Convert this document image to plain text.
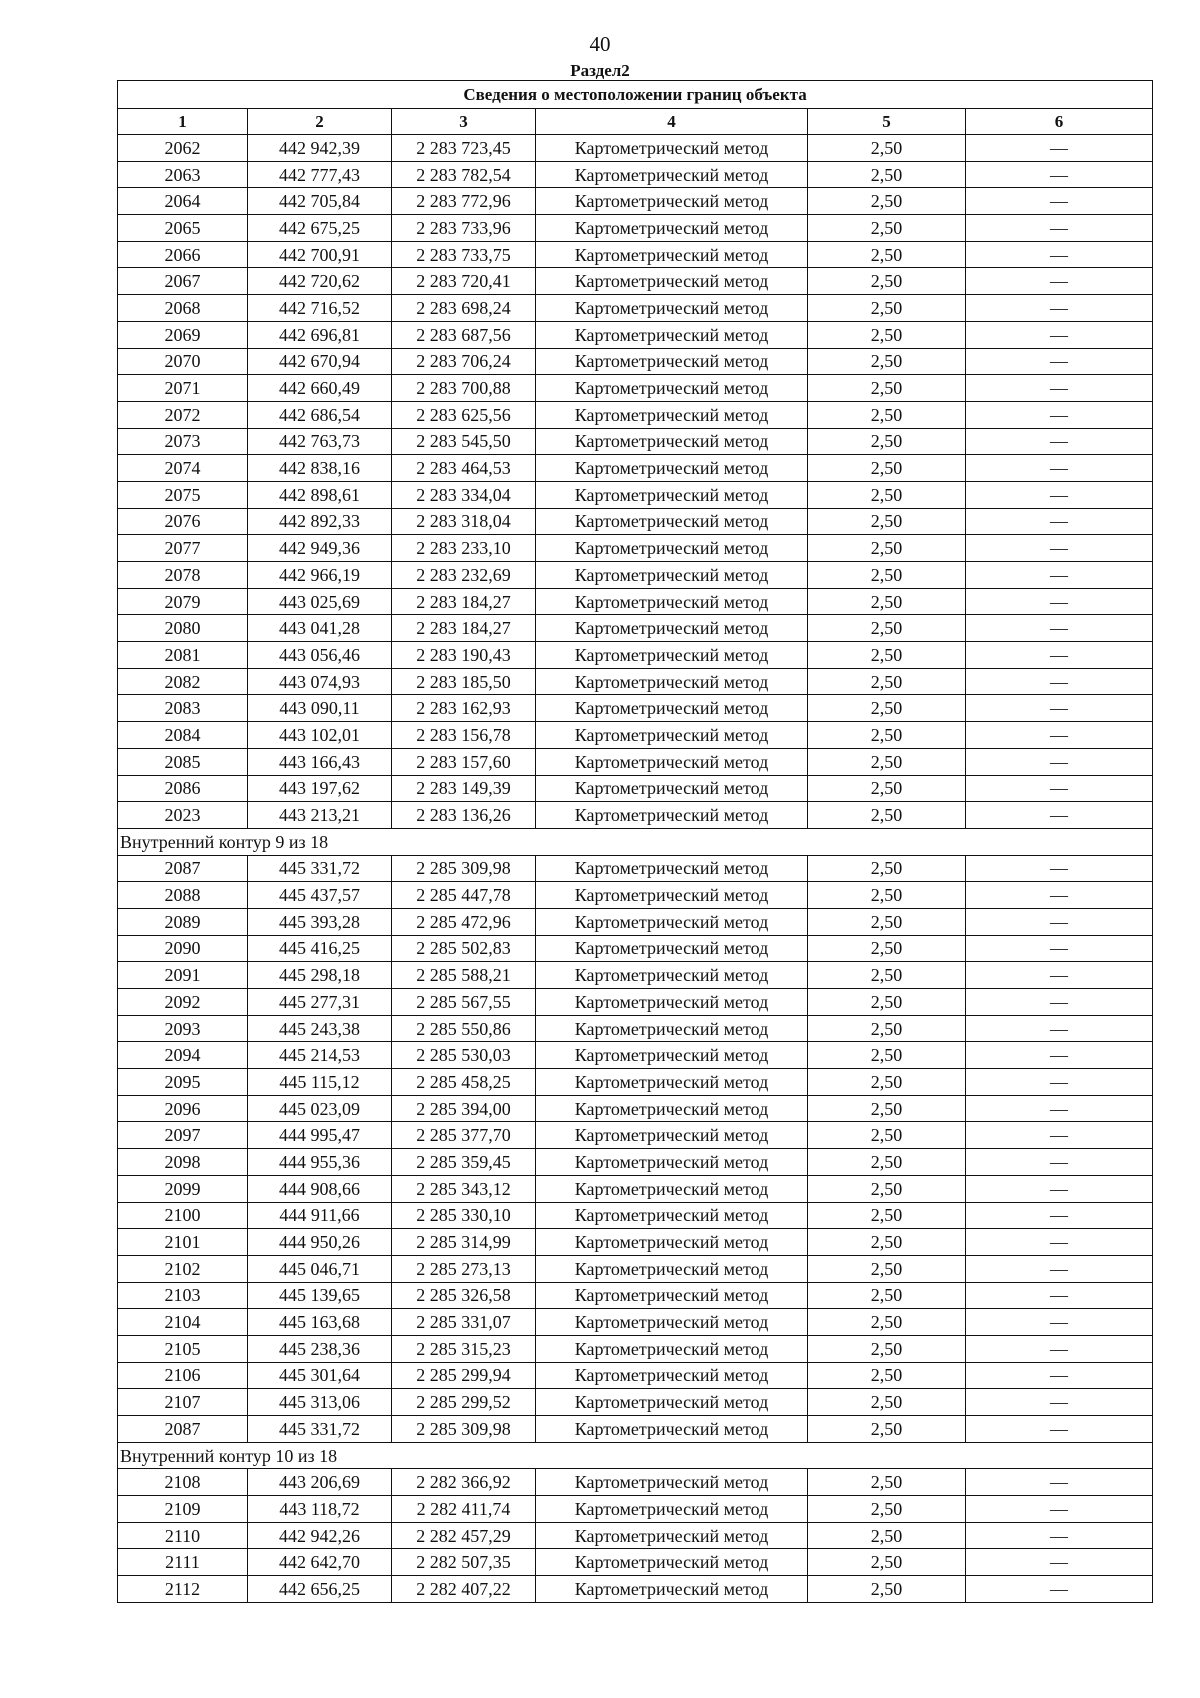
40
Раздел2
Сведения о местоположении границ объекта					
1	2	3	4	5	6
2062	442 942,39	2 283 723,45	Картометрический метод	2,50	—
2063	442 777,43	2 283 782,54	Картометрический метод	2,50	—
2064	442 705,84	2 283 772,96	Картометрический метод	2,50	—
2065	442 675,25	2 283 733,96	Картометрический метод	2,50	—
2066	442 700,91	2 283 733,75	Картометрический метод	2,50	—
2067	442 720,62	2 283 720,41	Картометрический метод	2,50	—
2068	442 716,52	2 283 698,24	Картометрический метод	2,50	—
2069	442 696,81	2 283 687,56	Картометрический метод	2,50	—
2070	442 670,94	2 283 706,24	Картометрический метод	2,50	—
2071	442 660,49	2 283 700,88	Картометрический метод	2,50	—
2072	442 686,54	2 283 625,56	Картометрический метод	2,50	—
2073	442 763,73	2 283 545,50	Картометрический метод	2,50	—
2074	442 838,16	2 283 464,53	Картометрический метод	2,50	—
2075	442 898,61	2 283 334,04	Картометрический метод	2,50	—
2076	442 892,33	2 283 318,04	Картометрический метод	2,50	—
2077	442 949,36	2 283 233,10	Картометрический метод	2,50	—
2078	442 966,19	2 283 232,69	Картометрический метод	2,50	—
2079	443 025,69	2 283 184,27	Картометрический метод	2,50	—
2080	443 041,28	2 283 184,27	Картометрический метод	2,50	—
2081	443 056,46	2 283 190,43	Картометрический метод	2,50	—
2082	443 074,93	2 283 185,50	Картометрический метод	2,50	—
2083	443 090,11	2 283 162,93	Картометрический метод	2,50	—
2084	443 102,01	2 283 156,78	Картометрический метод	2,50	—
2085	443 166,43	2 283 157,60	Картометрический метод	2,50	—
2086	443 197,62	2 283 149,39	Картометрический метод	2,50	—
2023	443 213,21	2 283 136,26	Картометрический метод	2,50	—
Внутренний контур 9 из 18					
2087	445 331,72	2 285 309,98	Картометрический метод	2,50	—
2088	445 437,57	2 285 447,78	Картометрический метод	2,50	—
2089	445 393,28	2 285 472,96	Картометрический метод	2,50	—
2090	445 416,25	2 285 502,83	Картометрический метод	2,50	—
2091	445 298,18	2 285 588,21	Картометрический метод	2,50	—
2092	445 277,31	2 285 567,55	Картометрический метод	2,50	—
2093	445 243,38	2 285 550,86	Картометрический метод	2,50	—
2094	445 214,53	2 285 530,03	Картометрический метод	2,50	—
2095	445 115,12	2 285 458,25	Картометрический метод	2,50	—
2096	445 023,09	2 285 394,00	Картометрический метод	2,50	—
2097	444 995,47	2 285 377,70	Картометрический метод	2,50	—
2098	444 955,36	2 285 359,45	Картометрический метод	2,50	—
2099	444 908,66	2 285 343,12	Картометрический метод	2,50	—
2100	444 911,66	2 285 330,10	Картометрический метод	2,50	—
2101	444 950,26	2 285 314,99	Картометрический метод	2,50	—
2102	445 046,71	2 285 273,13	Картометрический метод	2,50	—
2103	445 139,65	2 285 326,58	Картометрический метод	2,50	—
2104	445 163,68	2 285 331,07	Картометрический метод	2,50	—
2105	445 238,36	2 285 315,23	Картометрический метод	2,50	—
2106	445 301,64	2 285 299,94	Картометрический метод	2,50	—
2107	445 313,06	2 285 299,52	Картометрический метод	2,50	—
2087	445 331,72	2 285 309,98	Картометрический метод	2,50	—
Внутренний контур 10 из 18					
2108	443 206,69	2 282 366,92	Картометрический метод	2,50	—
2109	443 118,72	2 282 411,74	Картометрический метод	2,50	—
2110	442 942,26	2 282 457,29	Картометрический метод	2,50	—
2111	442 642,70	2 282 507,35	Картометрический метод	2,50	—
2112	442 656,25	2 282 407,22	Картометрический метод	2,50	—
